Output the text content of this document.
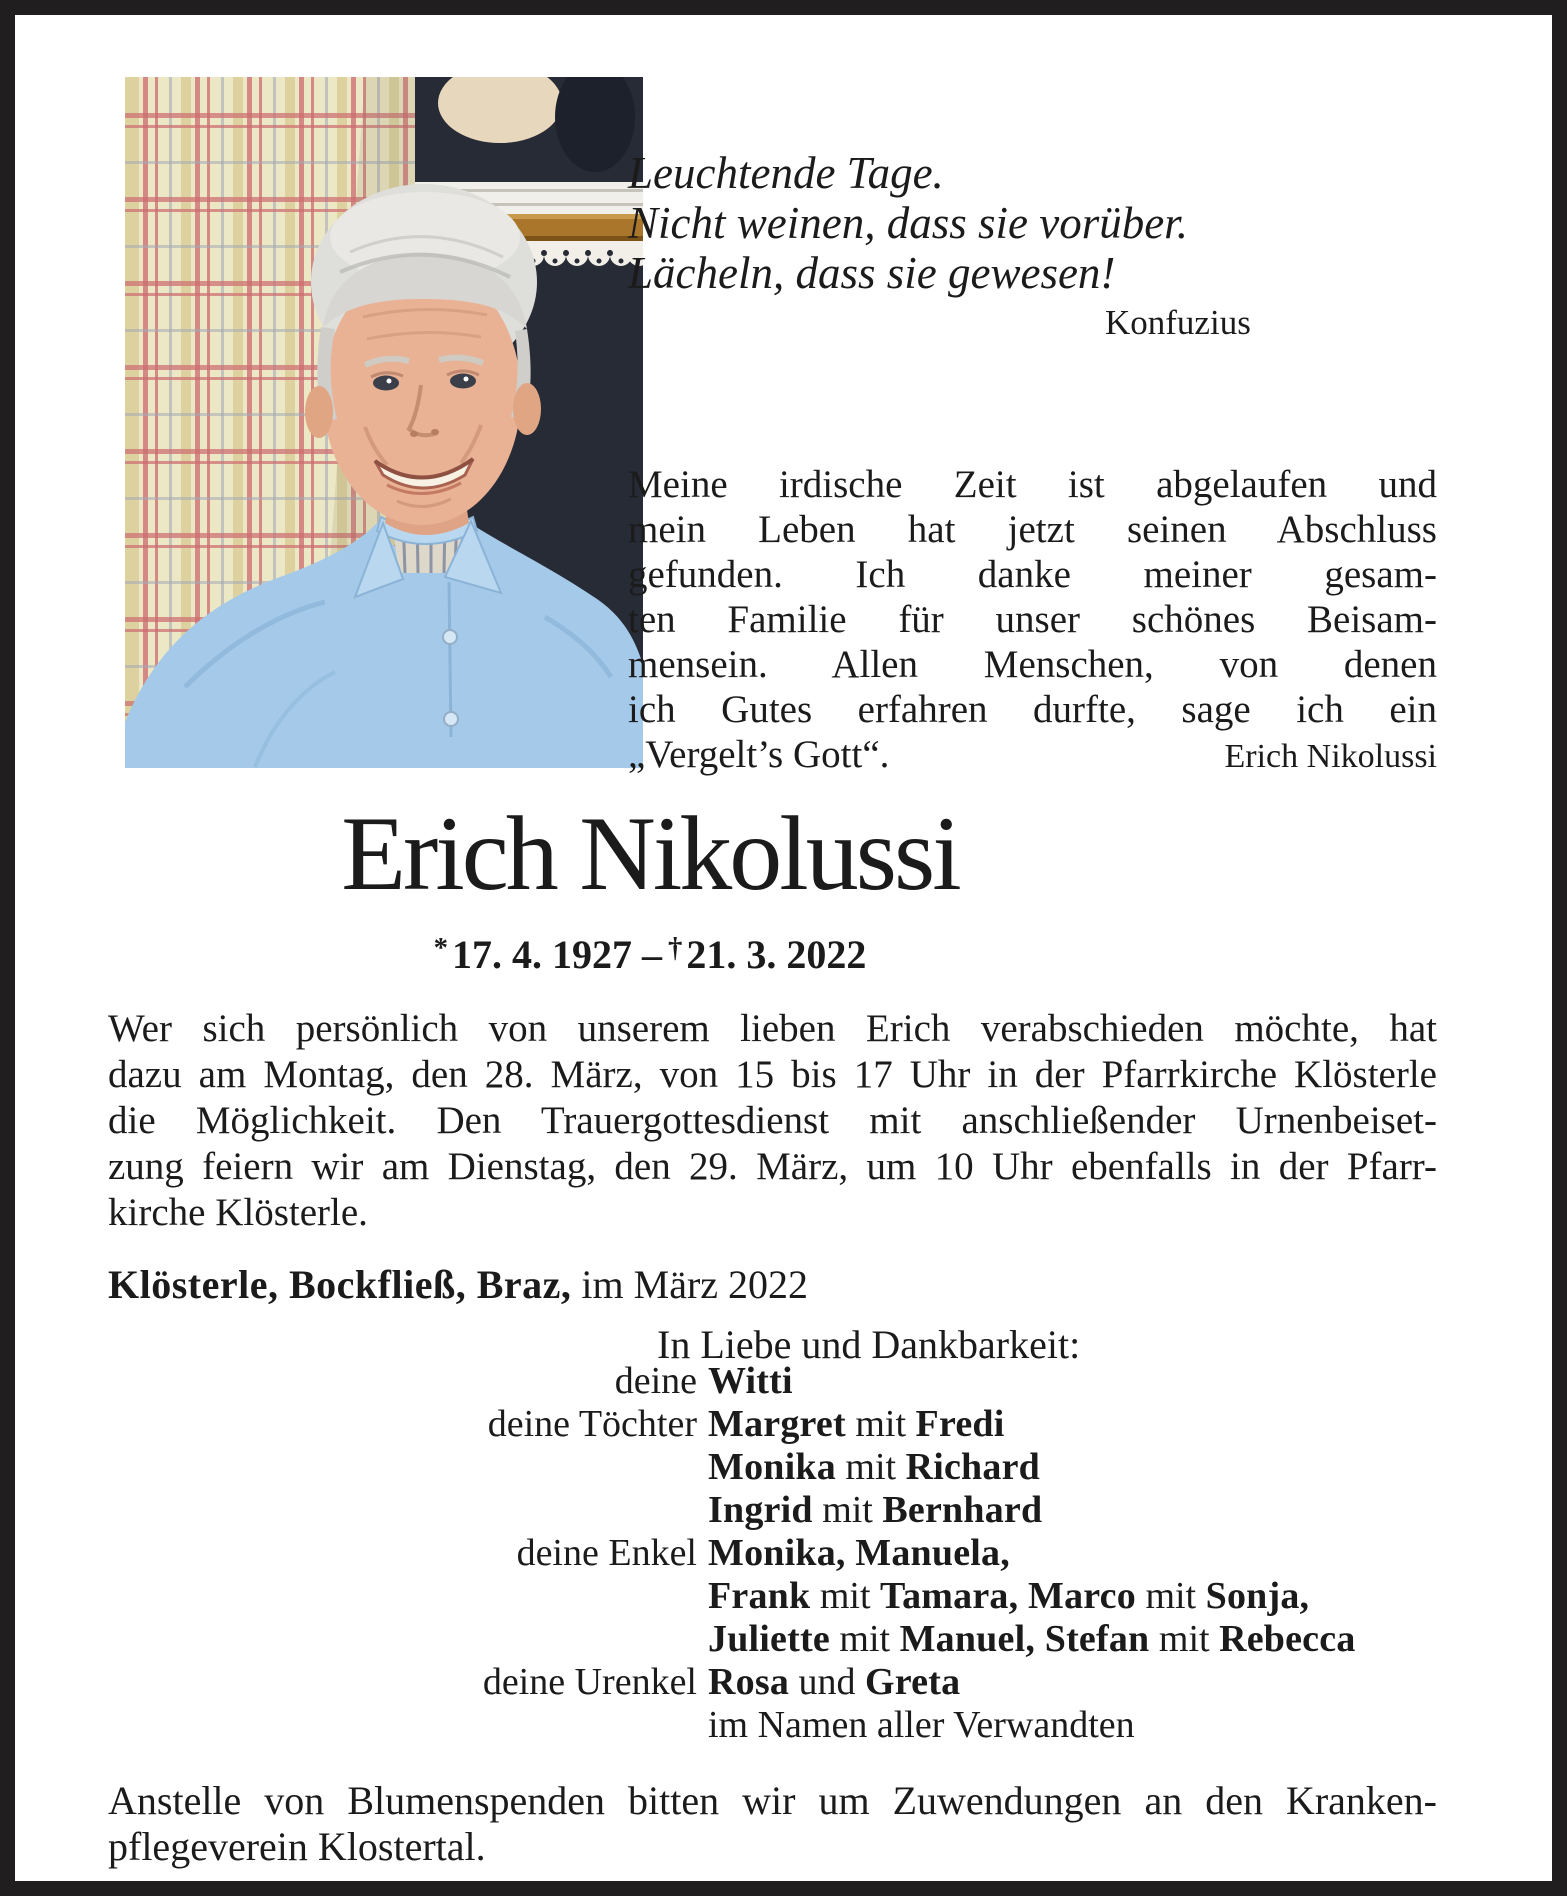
Leuchtende Tage.
Nicht weinen, dass sie vorüber.
Lächeln, dass sie gewesen!
Konfuzius
Meine irdische Zeit ist abgelaufen und
mein Leben hat jetzt seinen Abschluss
gefunden. Ich danke meiner gesam-
ten Familie für unser schönes Beisam-
mensein. Allen Menschen, von denen
ich Gutes erfahren durfte, sage ich ein
„Vergelt’s Gott“.	Erich Nikolussi
Erich Nikolussi
* 17. 4. 1927 – † 21. 3. 2022
Wer sich persönlich von unserem lieben Erich verabschieden möchte, hat
dazu am Montag, den 28. März, von 15 bis 17 Uhr in der Pfarrkirche Klösterle
die Möglichkeit. Den Trauergottesdienst mit anschließender Urnenbeiset-
zung feiern wir am Dienstag, den 29. März, um 10 Uhr ebenfalls in der Pfarr-
kirche Klösterle.
Klösterle, Bockfließ, Braz, im März 2022
In Liebe und Dankbarkeit:
deine Witti
deine Töchter Margret mit Fredi
Monika mit Richard
Ingrid mit Bernhard
deine Enkel Monika, Manuela,
Frank mit Tamara, Marco mit Sonja,
Juliette mit Manuel, Stefan mit Rebecca
deine Urenkel Rosa und Greta
im Namen aller Verwandten
Anstelle von Blumenspenden bitten wir um Zuwendungen an den Kranken-
pflegeverein Klostertal.
